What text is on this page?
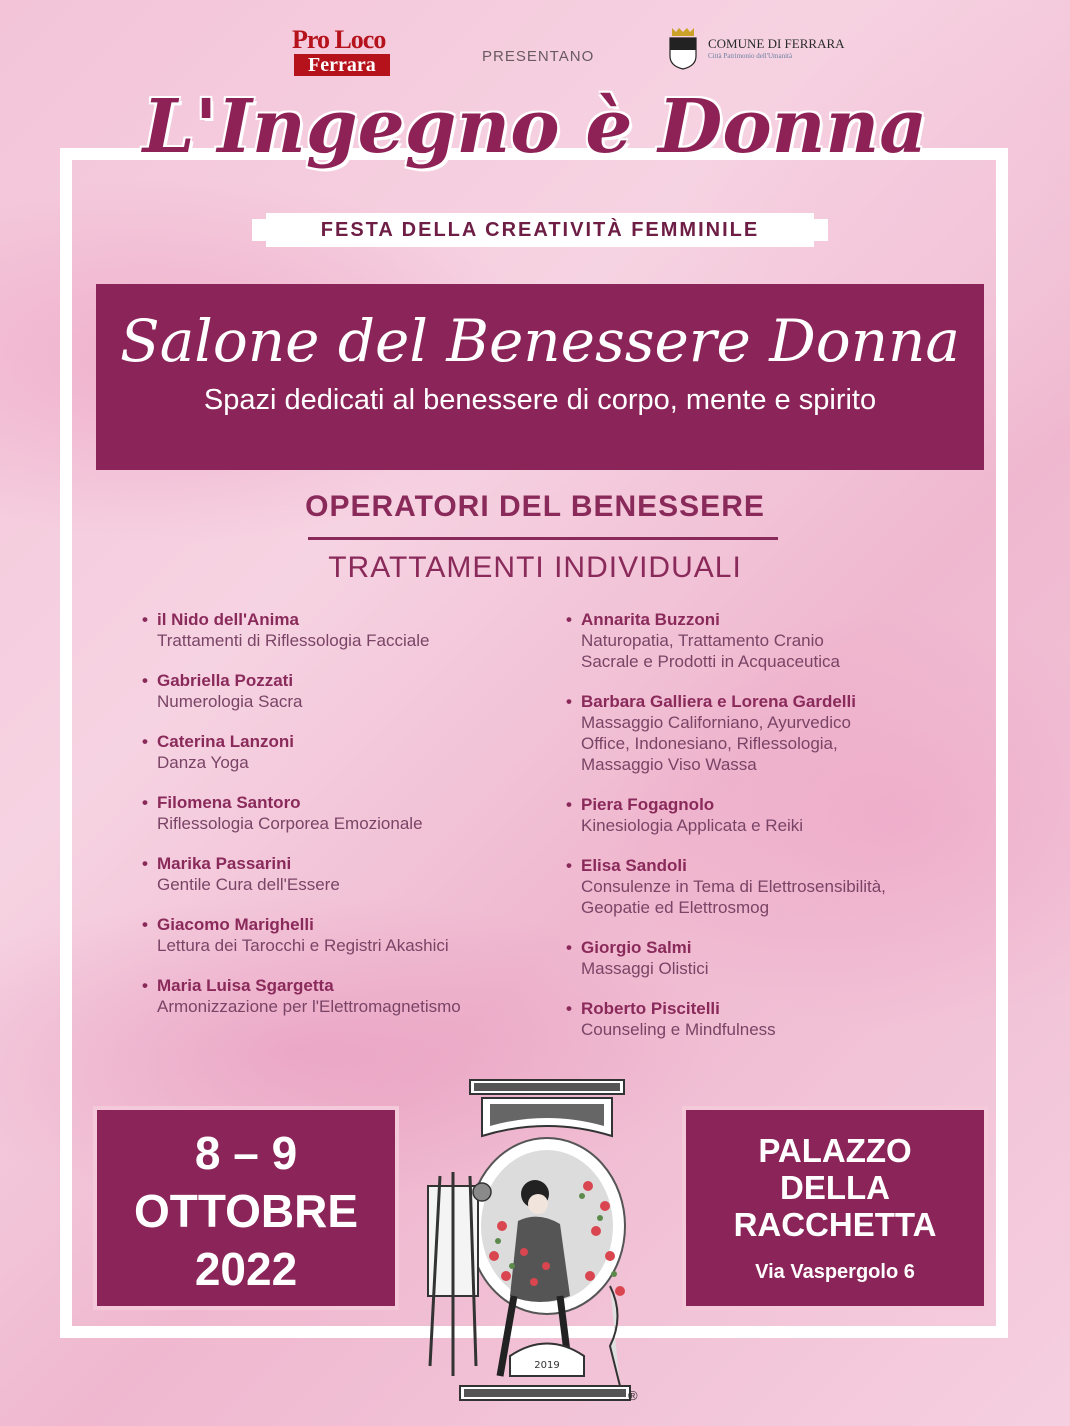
Pro Loco
Ferrara	PRESENTANO
COMUNE DI FERRARA
Città Patrimonio dell'Umanità
L'Ingegno è Donna
FESTA DELLA CREATIVITÀ FEMMINILE
Salone del Benessere Donna
Spazi dedicati al benessere di corpo, mente e spirito
OPERATORI DEL BENESSERE
TRATTAMENTI INDIVIDUALI
• il Nido dell'Anima
Trattamenti di Riflessologia Facciale
• Gabriella Pozzati
Numerologia Sacra
• Caterina Lanzoni
Danza Yoga
• Filomena Santoro
Riflessologia Corporea Emozionale
• Marika Passarini
Gentile Cura dell'Essere
• Giacomo Marighelli
Lettura dei Tarocchi e Registri Akashici
• Maria Luisa Sgargetta
Armonizzazione per l'Elettromagnetismo
• Annarita Buzzoni
Naturopatia, Trattamento Cranio
Sacrale e Prodotti in Acquaceutica
• Barbara Galliera e Lorena Gardelli
Massaggio Californiano, Ayurvedico
Office, Indonesiano, Riflessologia,
Massaggio Viso Wassa
• Piera Fogagnolo
Kinesiologia Applicata e Reiki
• Elisa Sandoli
Consulenze in Tema di Elettrosensibilità,
Geopatie ed Elettrosmog
• Giorgio Salmi
Massaggi Olistici
• Roberto Piscitelli
Counseling e Mindfulness
8 – 9
OTTOBRE
2022
PALAZZO
DELLA
RACCHETTA
Via Vaspergolo 6
2019
®
